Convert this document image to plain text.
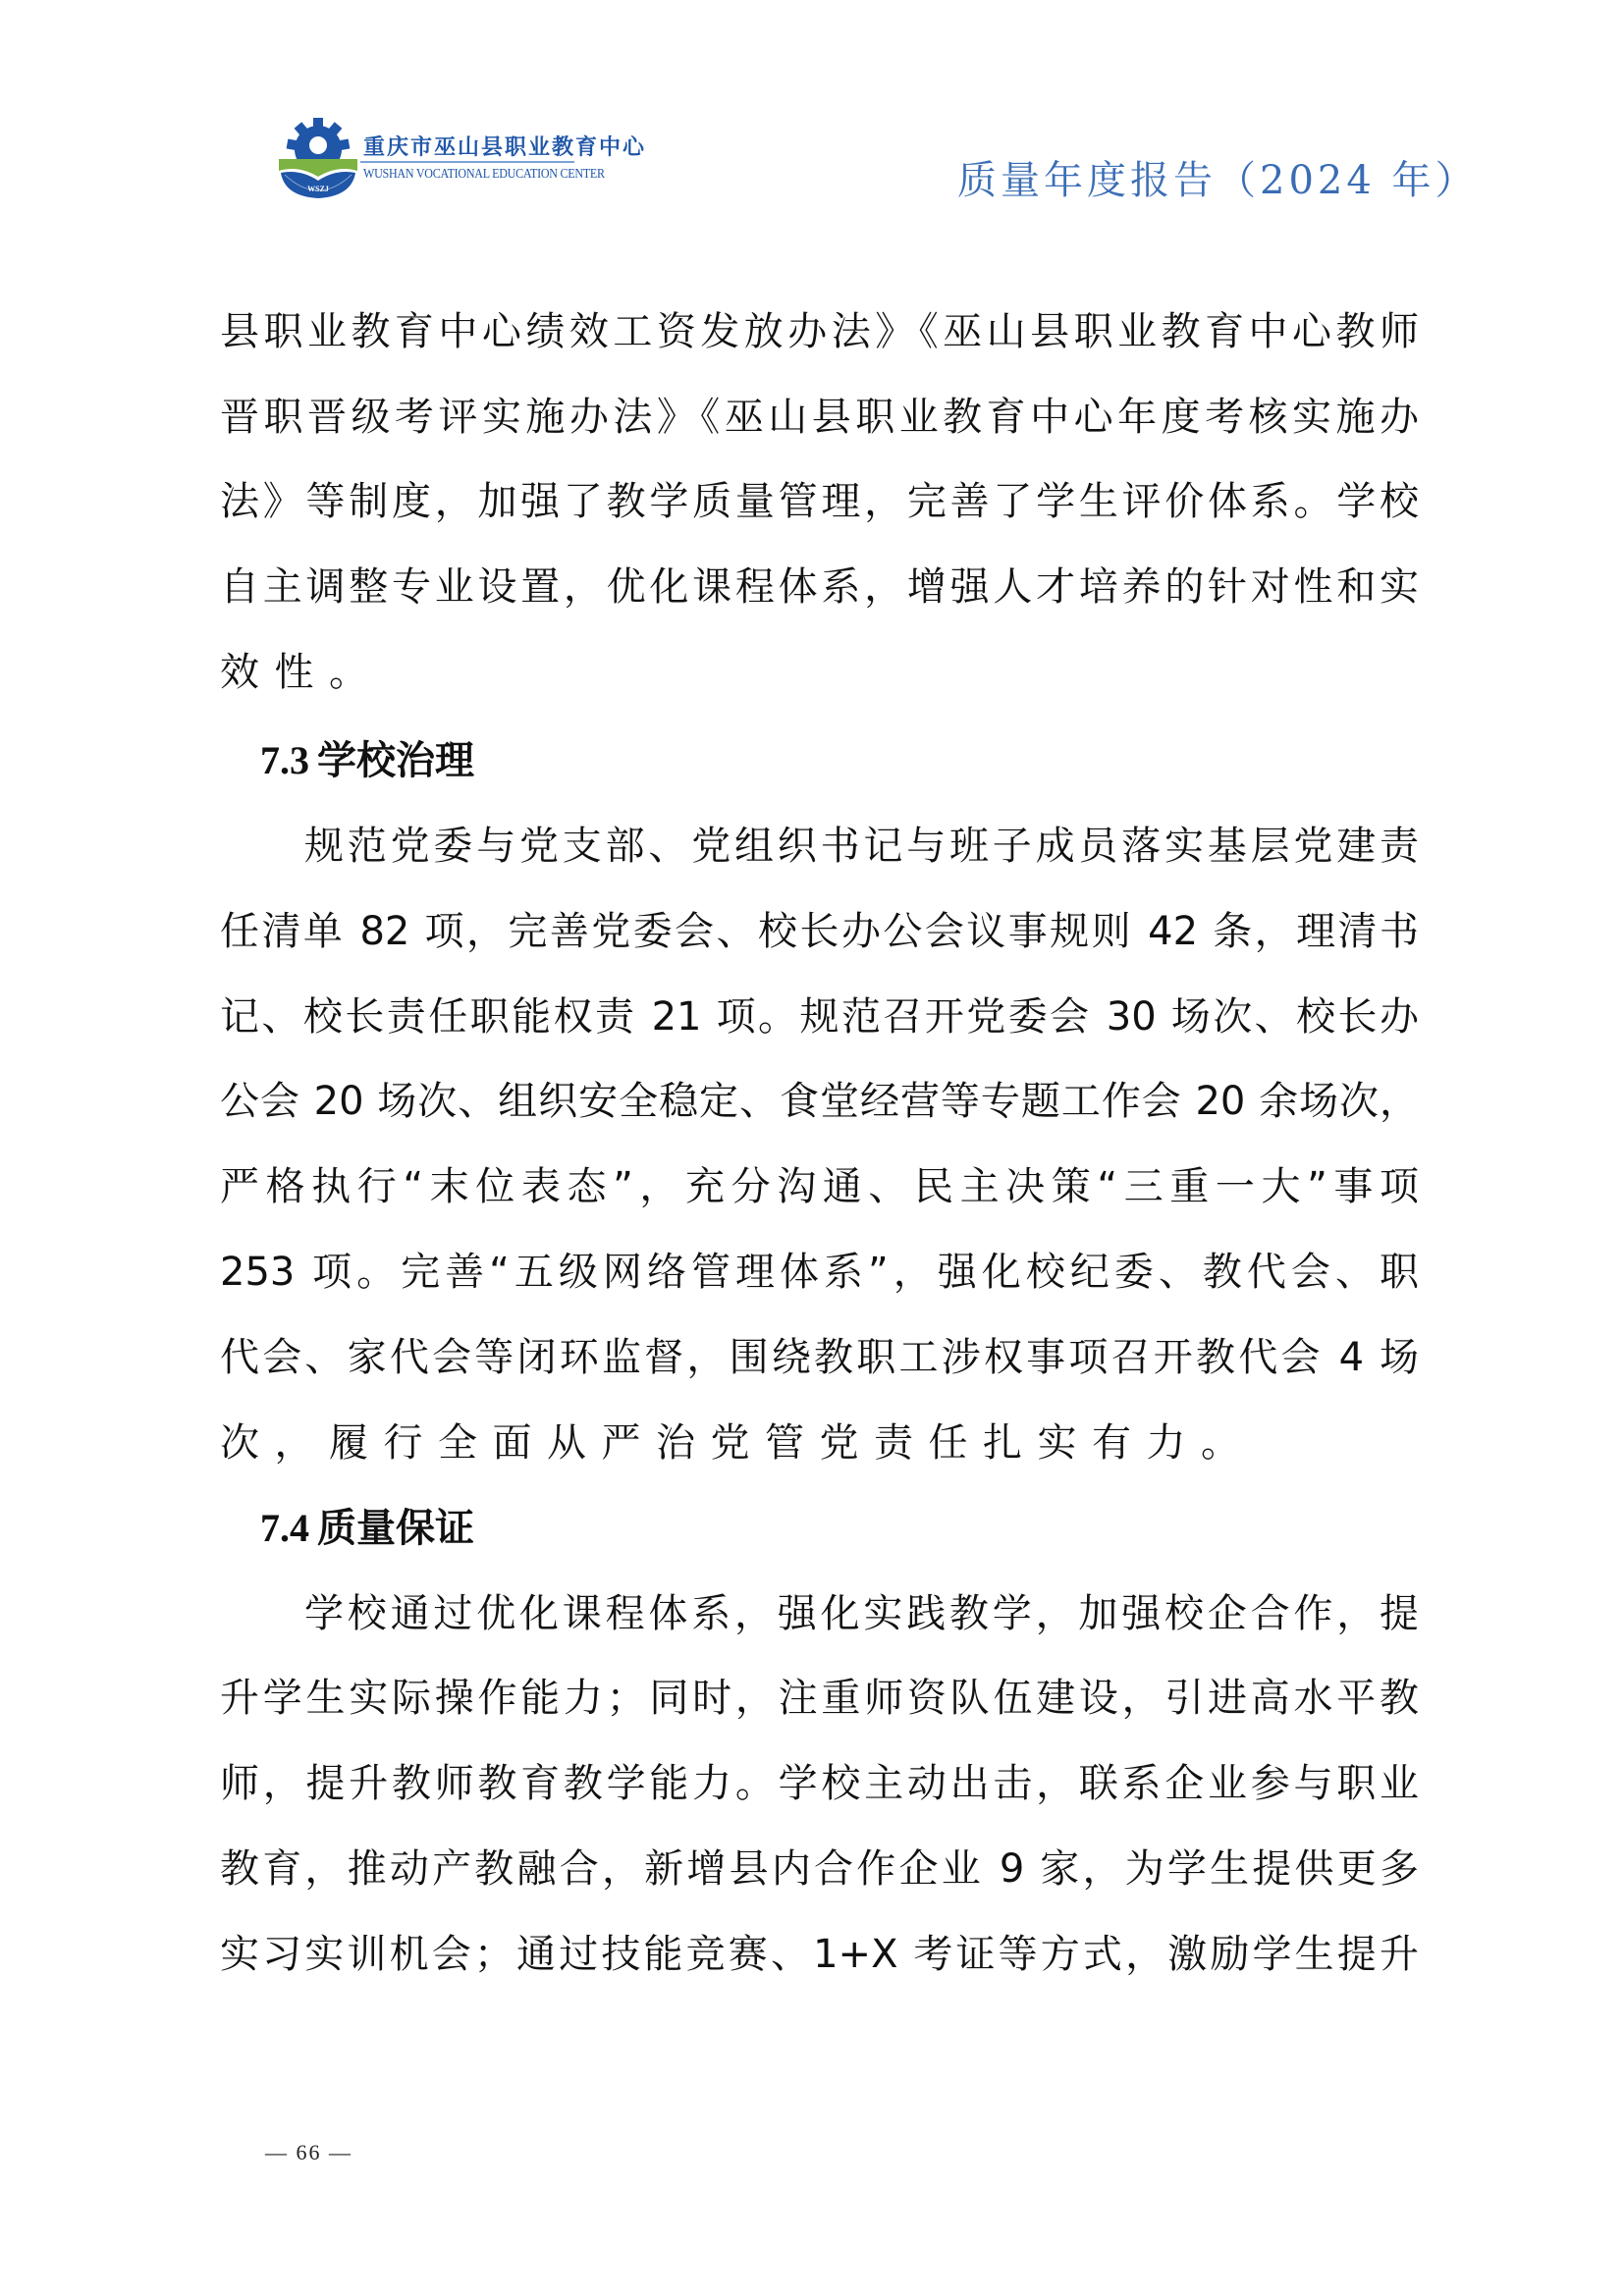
WSZJ
重庆市巫山县职业教育中心
WUSHAN VOCATIONAL EDUCATION CENTER	质量年度报告（2024 年）
县职业教育中心绩效工资发放办法》《巫山县职业教育中心教师
晋职晋级考评实施办法》《巫山县职业教育中心年度考核实施办
法》等制度，加强了教学质量管理，完善了学生评价体系。学校
自主调整专业设置，优化课程体系，增强人才培养的针对性和实
效性。
7.3 学校治理
规范党委与党支部、党组织书记与班子成员落实基层党建责
任清单 82 项，完善党委会、校长办公会议事规则 42 条，理清书
记、校长责任职能权责 21 项。规范召开党委会 30 场次、校长办
公会 20 场次、组织安全稳定、食堂经营等专题工作会 20 余场次，
严格执行“末位表态”，充分沟通、民主决策“三重一大”事项
253 项。完善“五级网络管理体系”，强化校纪委、教代会、职
代会、家代会等闭环监督，围绕教职工涉权事项召开教代会 4 场
次，履行全面从严治党管党责任扎实有力。
7.4 质量保证
学校通过优化课程体系，强化实践教学，加强校企合作，提
升学生实际操作能力；同时，注重师资队伍建设，引进高水平教
师，提升教师教育教学能力。学校主动出击，联系企业参与职业
教育，推动产教融合，新增县内合作企业 9 家，为学生提供更多
实习实训机会；通过技能竞赛、1+X 考证等方式，激励学生提升
— 66 —
